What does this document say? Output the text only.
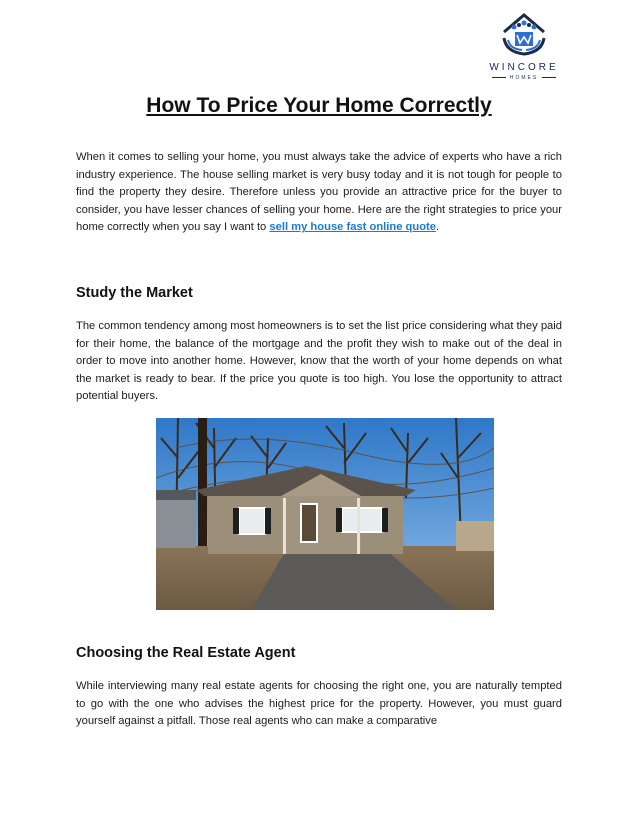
WINCORE
HOMES
How To Price Your Home Correctly

When it comes to selling your home, you must always take the advice of experts who have a rich industry experience. The house selling market is very busy today and it is not tough for people to find the property they desire. Therefore unless you provide an attractive price for the buyer to consider, you have lesser chances of selling your home. Here are the right strategies to price your home correctly when you say I want to sell my house fast online quote.

Study the Market

The common tendency among most homeowners is to set the list price considering what they paid for their home, the balance of the mortgage and the profit they wish to make out of the deal in order to move into another home. However, know that the worth of your home depends on what the market is ready to bear. If the price you quote is too high. You lose the opportunity to attract potential buyers.

Choosing the Real Estate Agent

While interviewing many real estate agents for choosing the right one, you are naturally tempted to go with the one who advises the highest price for the property. However, you must guard yourself against a pitfall. Those real agents who can make a comparative
